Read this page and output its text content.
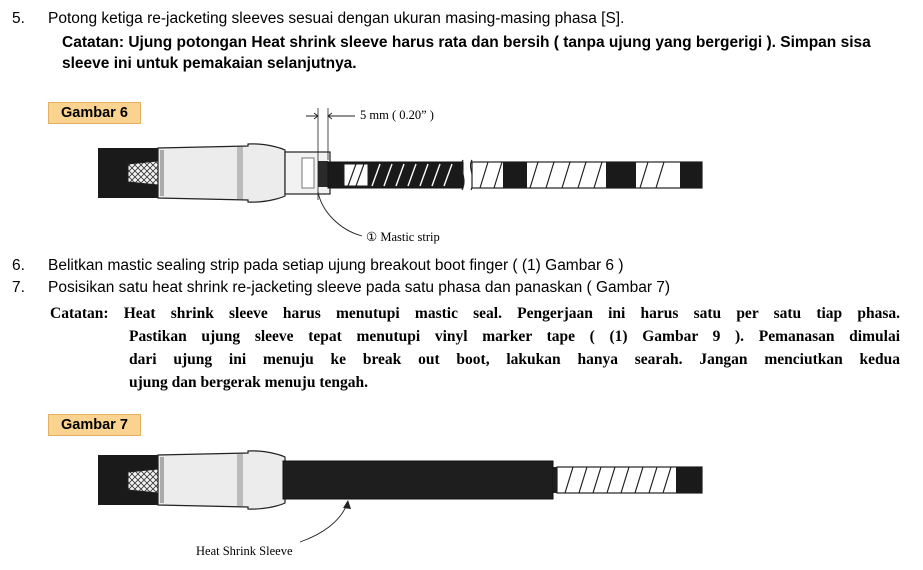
5. Potong ketiga re-jacketing sleeves sesuai dengan ukuran masing-masing phasa [S].
Catatan: Ujung potongan Heat shrink sleeve harus rata dan bersih ( tanpa ujung yang bergerigi ). Simpan sisa
sleeve ini untuk pemakaian selanjutnya.
Gambar 6	5 mm ( 0.20” )
① Mastic strip
6. Belitkan mastic sealing strip pada setiap ujung breakout boot finger ( (1) Gambar 6 )
7. Posisikan satu heat shrink re-jacketing sleeve pada satu phasa dan panaskan ( Gambar 7)
Catatan: Heat shrink sleeve harus menutupi mastic seal. Pengerjaan ini harus satu per satu tiap phasa.
Pastikan ujung sleeve tepat menutupi vinyl marker tape ( (1) Gambar 9 ). Pemanasan dimulai
dari ujung ini menuju ke break out boot, lakukan hanya searah. Jangan menciutkan kedua
ujung dan bergerak menuju tengah.
Gambar 7
Heat Shrink Sleeve
